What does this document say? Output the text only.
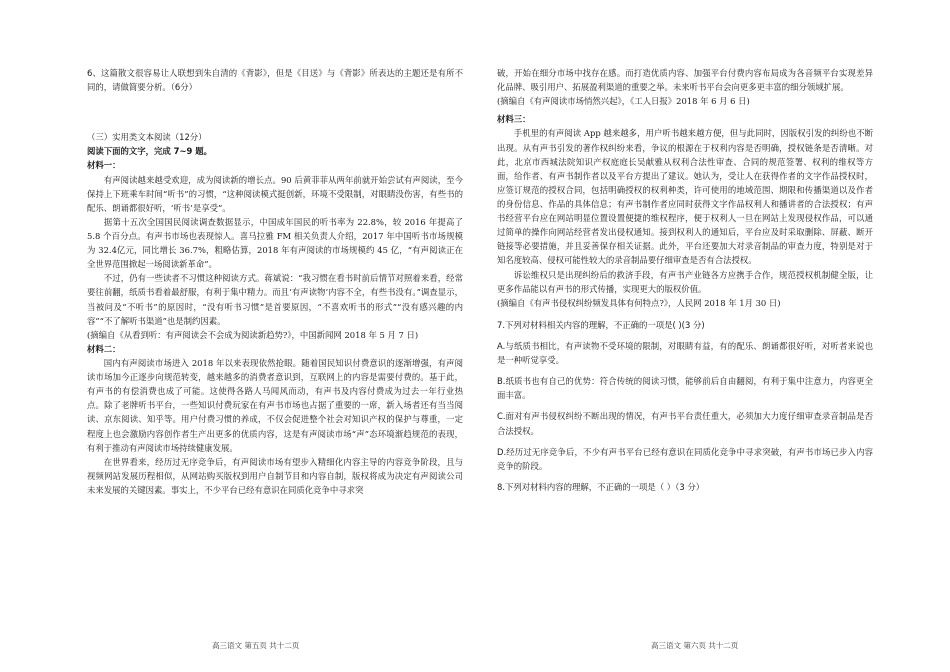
6、这篇散文很容易让人联想到朱自清的《背影》，但是《目送》与《背影》所表达的主题还是有所不同的，请做简要分析。（6分）

（三）实用类文本阅读（12分）

阅读下面的文字，完成 7~9 题。

材料一：

有声阅读越来越受欢迎，成为阅读新的增长点。90 后黄菲菲从两年前就开始尝试有声阅读，至今保持上下班乘车时间“听书”的习惯，“这种阅读模式挺创新，环境不受限制，对眼睛没伤害，有些书的配乐、朗诵都很好听，‘听书’是享受”。

据第十五次全国国民阅读调查数据显示，中国成年国民的听书率为 22.8%，较 2016 年提高了 5.8 个百分点。有声书市场也表现惊人。喜马拉雅 FM 相关负责人介绍，2017 年中国听书市场规模为 32.4亿元，同比增长 36.7%，粗略估算，2018 年有声阅读的市场规模约 45 亿，“有声阅读正在全世界范围掀起一场阅读新革命”。

不过，仍有一些读者不习惯这种阅读方式。蒋斌说：“我习惯在看书时前后情节对照着来看，经常要往前翻，纸质书看着最舒服，有利于集中精力。而且‘有声读物’内容不全，有些书没有。”调查显示，当被问及“不听书”的原因时，“没有听书习惯”是首要原因，“不喜欢听书的形式”“没有感兴趣的内容”“不了解听书渠道”也是制约因素。

(摘编自《从看到听：有声阅读会不会成为阅读新趋势?》，中国新闻网 2018 年 5 月 7 日)

材料二：

国内有声阅读市场进入 2018 年以来表现依然抢眼。随着国民知识付费意识的逐渐增强，有声阅读市场加今正逐步向规范转变，越来越多的消费者意识到，互联网上的内容是需要付费的。基于此，有声书的有偿消费也成了可能。这使得各路人马闻风而动，有声书及内容付费成为过去一年行业热点。除了老牌听书平台，一些知识付费玩家在有声书市场也占据了重要的一席，新入场者还有当当阅读、京东阅读、知乎等。用户付费习惯的养成，不仅会促进整个社会对知识产权的保护与尊重，一定程度上也会激励内容创作者生产出更多的优质内容，这是有声阅读市场“声”态环境渐趋规范的表现，有利于推动有声阅读市场持续健康发展。

在世界看来，经历过无序竞争后，有声阅读市场有望步入精细化内容主导的内容竞争阶段，且与视频网站发展历程相似，从网站购买版权到用户自制节目和内容自制，版权将成为决定有声阅读公司未来发展的关键因素。事实上，不少平台已经有意识在同质化竞争中寻求突

破，开始在细分市场中找存在感。而打造优质内容、加强平台付费内容布局成为各音频平台实现差异化品牌、吸引用户、拓展盈利渠道的重要之举。未来听书平台会向更多更丰富的细分领域扩展。

(摘编自《有声阅读市场悄然兴起》，《工人日报》2018 年 6 月 6 日)

材料三：

手机里的有声阅读 App 越来越多，用户听书越来越方便，但与此同时，因版权引发的纠纷也不断出现。从有声书引发的著作权纠纷来看，争议的根源在于权利内容是否明确，授权链条是否清晰。对此，北京市西城法院知识产权庭庭长吴献雅从权利合法性审查、合同的规范签署、权利的维权等方面，给作者、有声书制作者以及平台方提出了建议。她认为，受让人在获得作者的文字作品授权时，应签订规范的授权合同，包括明确授权的权利种类，许可使用的地域范围、期限和传播渠道以及作者的身份信息、作品的具体信息；有声书制作者应同时获得文字作品权利人和播讲者的合法授权；有声书经营平台应在网站明显位置设置便捷的维权程序，便于权利人一旦在网站上发现侵权作品，可以通过简单的操作向网站经营者发出侵权通知。接到权利人的通知后，平台应及时采取删除、屏蔽、断开链接等必要措施，并且妥善保存相关证据。此外，平台还要加大对录音制品的审查力度，特别是对于知名度较高、侵权可能性较大的录音制品要仔细审查是否有合法授权。

诉讼维权只是出现纠纷后的救济手段，有声书产业链各方应携手合作，规范授权机制健全版，让更多作品能以有声书的形式传播，实现更大的版权价值。

(摘编自《有声书侵权纠纷频发具体有何特点?》，人民网 2018 年 1月 30 日)

7.下列对材料相关内容的理解，不正确的一项是( )(3 分)

A.与纸质书相比，有声读物不受环境的限制，对眼睛有益，有的配乐、朗诵都很好听，对听者来说也是一种听觉享受。

B.纸质书也有自己的优势：符合传统的阅读习惯，能够前后自由翻阅，有利于集中注意力，内容更全面丰富。

C.面对有声书侵权纠纷不断出现的情况，有声书平台责任重大，必须加大力度仔细审查录音制品是否合法授权。

D.经历过无序竞争后，不少有声书平台已经有意识在同质化竞争中寻求突破，有声书市场已步入内容竞争的阶段。

8.下列对材料内容的理解，不正确的一项是（ ）（3 分）

高三语文 第五页 共十二页	高三语文 第六页 共十二页
